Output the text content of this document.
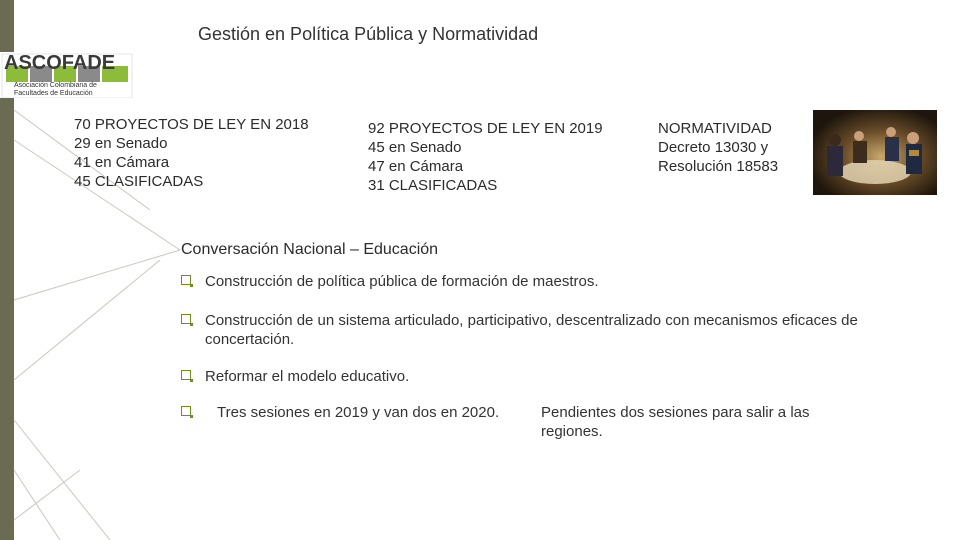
Gestión en Política Pública y Normatividad
ASCOFADE
Asociación Colombiana de Facultades de Educación
70 PROYECTOS DE LEY EN 2018
29 en Senado
41 en Cámara
45 CLASIFICADAS
92 PROYECTOS DE LEY EN 2019
45 en Senado
47 en Cámara
31 CLASIFICADAS
NORMATIVIDAD
Decreto 13030 y
Resolución 18583
Conversación Nacional – Educación
Construcción de política pública de formación de maestros.
Construcción de un sistema articulado, participativo, descentralizado con mecanismos eficaces de concertación.
Reformar el modelo educativo.
Tres sesiones en 2019 y van dos en 2020.	Pendientes dos sesiones para salir a las regiones.
